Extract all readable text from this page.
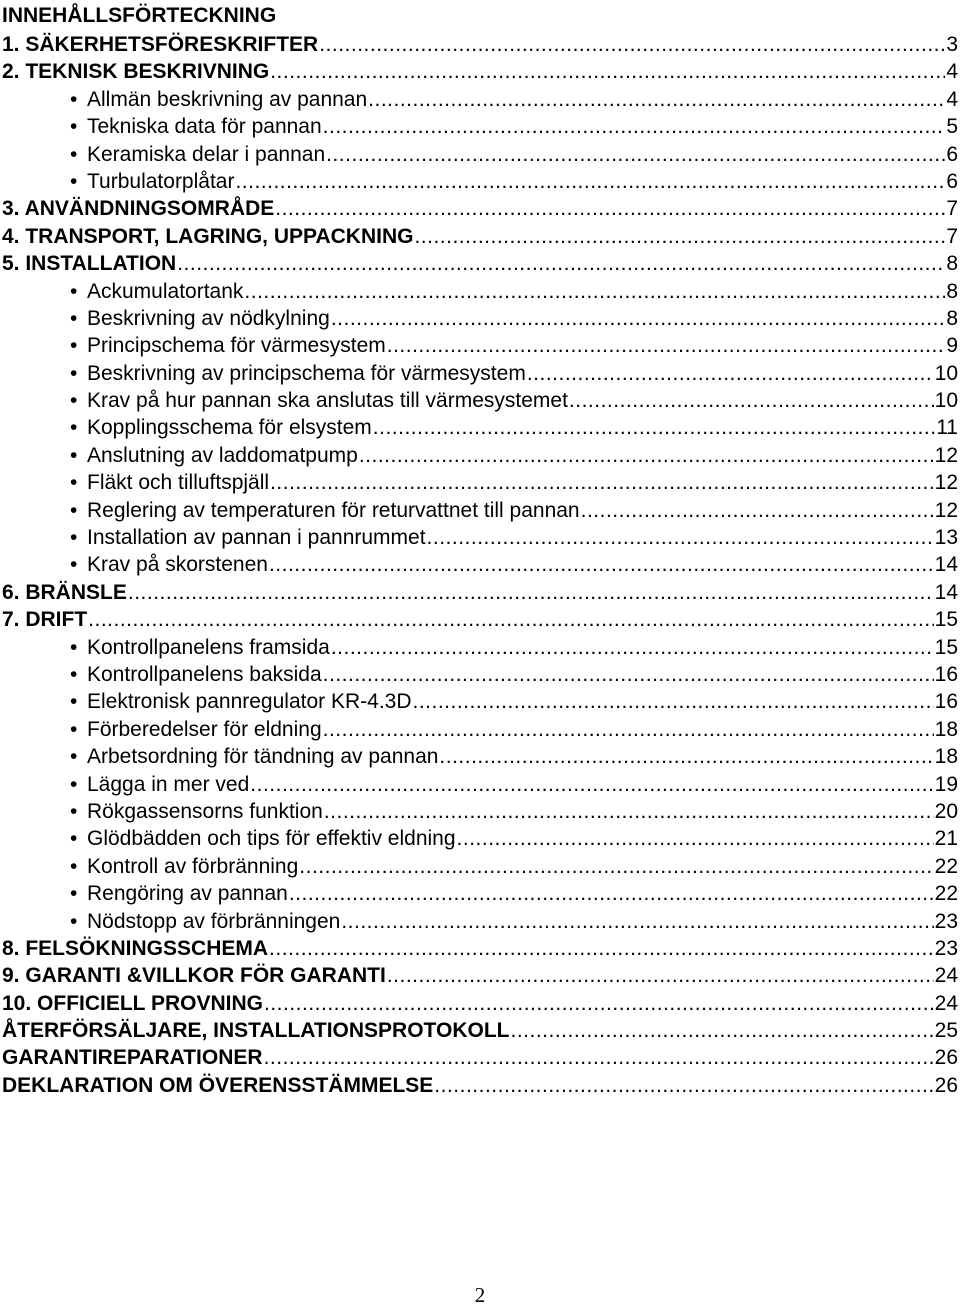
INNEHÅLLSFÖRTECKNING
1. SÄKERHETSFÖRESKRIFTER .....	3
2. TEKNISK BESKRIVNING .....	4
• Allmän beskrivning av pannan .....	4
• Tekniska data för pannan .....	5
• Keramiska delar i pannan .....	6
• Turbulatorplåtar .....	6
3. ANVÄNDNINGSOMRÅDE .....	7
4. TRANSPORT, LAGRING, UPPACKNING .....	7
5. INSTALLATION .....	8
• Ackumulatortank .....	8
• Beskrivning av nödkylning .....	8
• Principschema för värmesystem .....	9
• Beskrivning av principschema för värmesystem .....	10
• Krav på hur pannan ska anslutas till värmesystemet .....	10
• Kopplingsschema för elsystem .....	11
• Anslutning av laddomatpump .....	12
• Fläkt och tilluftspjäll .....	12
• Reglering av temperaturen för returvattnet till pannan .....	12
• Installation av pannan i pannrummet .....	13
• Krav på skorstenen .....	14
6. BRÄNSLE .....	14
7. DRIFT .....	15
• Kontrollpanelens framsida .....	15
• Kontrollpanelens baksida .....	16
• Elektronisk pannregulator KR-4.3D .....	16
• Förberedelser för eldning .....	18
• Arbetsordning för tändning av pannan .....	18
• Lägga in mer ved .....	19
• Rökgassensorns funktion .....	20
• Glödbädden och tips för effektiv eldning .....	21
• Kontroll av förbränning .....	22
• Rengöring av pannan .....	22
• Nödstopp av förbränningen .....	23
8. FELSÖKNINGSSCHEMA .....	23
9. GARANTI &VILLKOR FÖR GARANTI .....	24
10. OFFICIELL PROVNING .....	24
ÅTERFÖRSÄLJARE, INSTALLATIONSPROTOKOLL .....	25
GARANTIREPARATIONER .....	26
DEKLARATION OM ÖVERENSSTÄMMELSE .....	26
2
